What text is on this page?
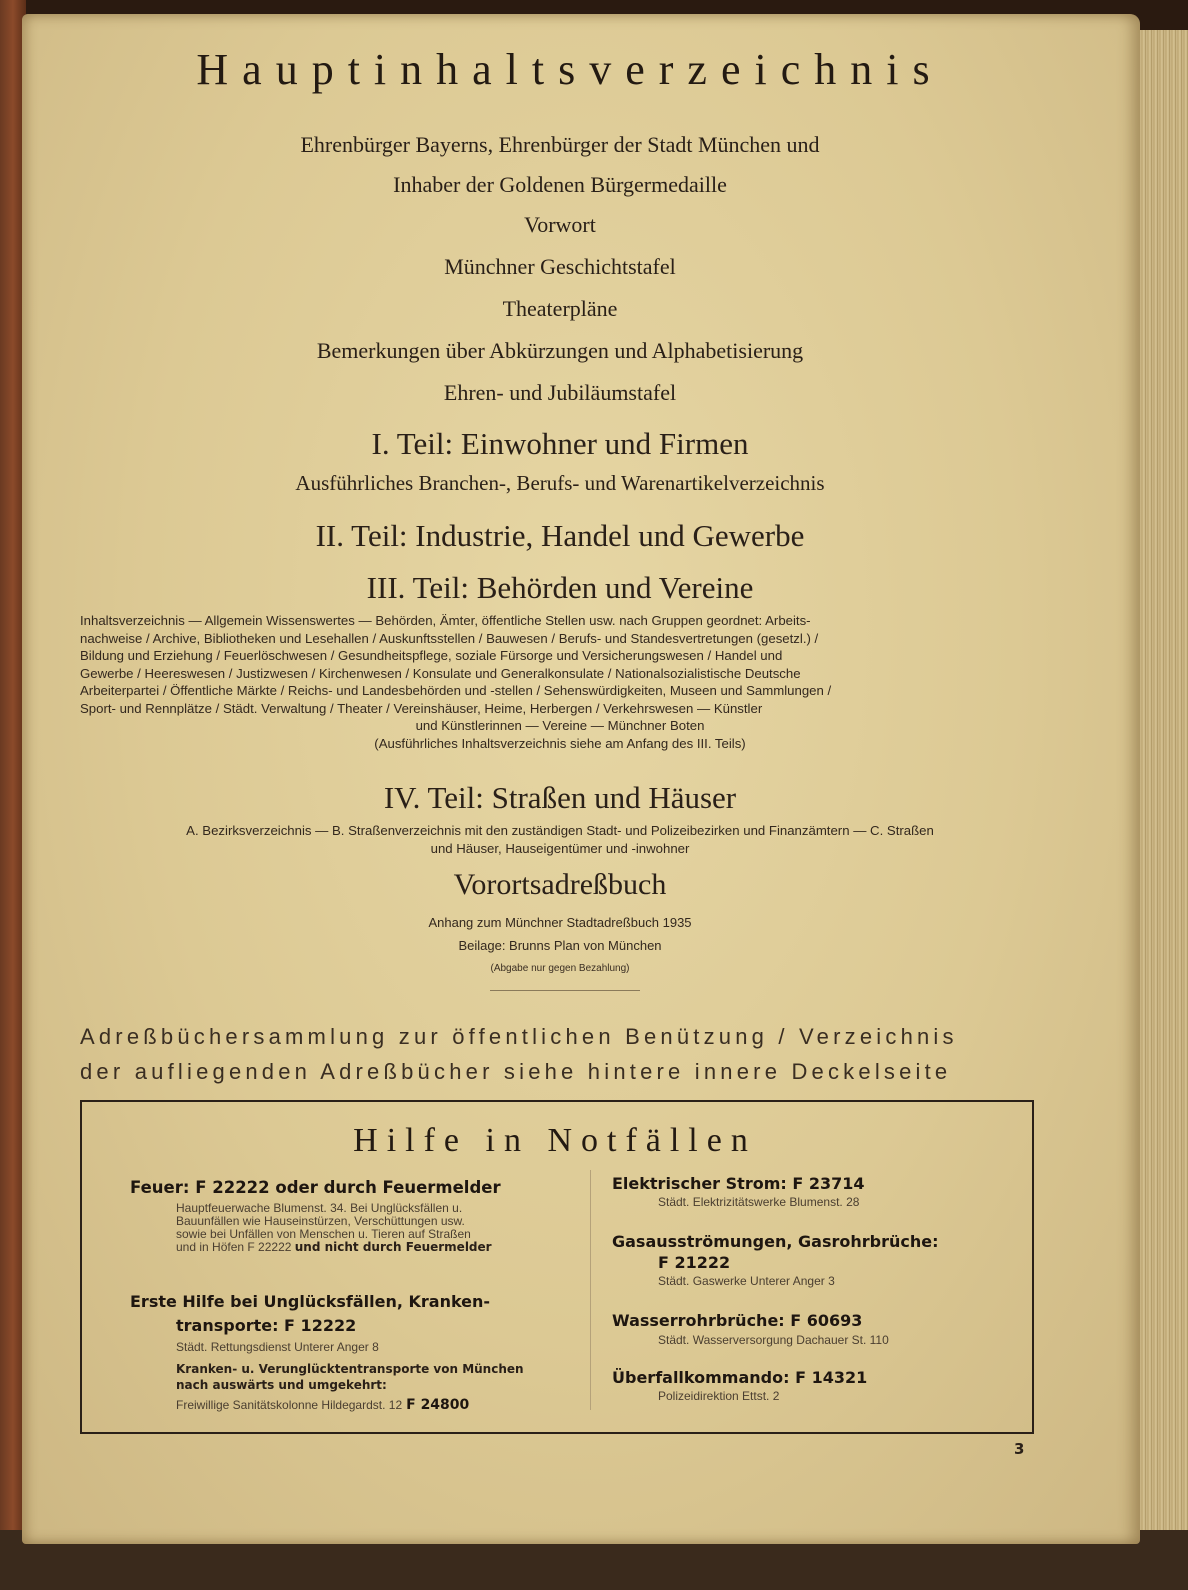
Hauptinhaltsverzeichnis
Ehrenbürger Bayerns, Ehrenbürger der Stadt München und
Inhaber der Goldenen Bürgermedaille
Vorwort
Münchner Geschichtstafel
Theaterpläne
Bemerkungen über Abkürzungen und Alphabetisierung
Ehren- und Jubiläumstafel
I. Teil: Einwohner und Firmen
Ausführliches Branchen-, Berufs- und Warenartikelverzeichnis
II. Teil: Industrie, Handel und Gewerbe
III. Teil: Behörden und Vereine
Inhaltsverzeichnis — Allgemein Wissenswertes — Behörden, Ämter, öffentliche Stellen usw. nach Gruppen geordnet: Arbeits-
nachweise / Archive, Bibliotheken und Lesehallen / Auskunftsstellen / Bauwesen / Berufs- und Standesvertretungen (gesetzl.) /
Bildung und Erziehung / Feuerlöschwesen / Gesundheitspflege, soziale Fürsorge und Versicherungswesen / Handel und
Gewerbe / Heereswesen / Justizwesen / Kirchenwesen / Konsulate und Generalkonsulate / Nationalsozialistische Deutsche
Arbeiterpartei / Öffentliche Märkte / Reichs- und Landesbehörden und -stellen / Sehenswürdigkeiten, Museen und Sammlungen /
Sport- und Rennplätze / Städt. Verwaltung / Theater / Vereinshäuser, Heime, Herbergen / Verkehrswesen — Künstler
und Künstlerinnen — Vereine — Münchner Boten
(Ausführliches Inhaltsverzeichnis siehe am Anfang des III. Teils)
IV. Teil: Straßen und Häuser
A. Bezirksverzeichnis — B. Straßenverzeichnis mit den zuständigen Stadt- und Polizeibezirken und Finanzämtern — C. Straßen
und Häuser, Hauseigentümer und -inwohner
Vorortsadreßbuch
Anhang zum Münchner Stadtadreßbuch 1935
Beilage: Brunns Plan von München
(Abgabe nur gegen Bezahlung)
Adreßbüchersammlung zur öffentlichen Benützung / Verzeichnis
der aufliegenden Adreßbücher siehe hintere innere Deckelseite
Hilfe in Notfällen
Feuer: F 22222 oder durch Feuermelder
Hauptfeuerwache Blumenst. 34. Bei Unglücksfällen u.
Bauunfällen wie Hauseinstürzen, Verschüttungen usw.
sowie bei Unfällen von Menschen u. Tieren auf Straßen
und in Höfen F 22222 und nicht durch Feuermelder
Erste Hilfe bei Unglücksfällen, Kranken-
transporte: F 12222
Städt. Rettungsdienst Unterer Anger 8
Kranken- u. Verunglücktentransporte von München
nach auswärts und umgekehrt:
Freiwillige Sanitätskolonne Hildegardst. 12 F 24800
Elektrischer Strom: F 23714
Städt. Elektrizitätswerke Blumenst. 28
Gasausströmungen, Gasrohrbrüche:
F 21222
Städt. Gaswerke Unterer Anger 3
Wasserrohrbrüche: F 60693
Städt. Wasserversorgung Dachauer St. 110
Überfallkommando: F 14321
Polizeidirektion Ettst. 2
3
